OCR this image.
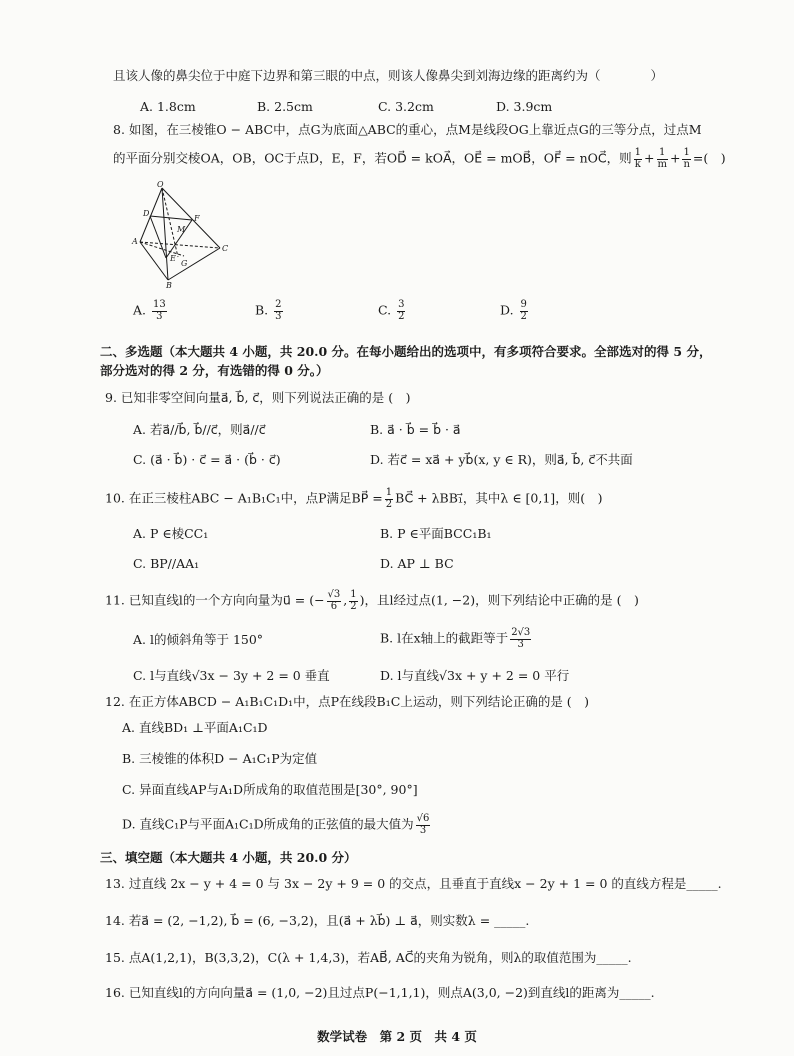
且该人像的鼻尖位于中庭下边界和第三眼的中点，则该人像鼻尖到刘海边缘的距离约为（　　　　）
A. 1.8cm	B. 2.5cm	C. 3.2cm	D. 3.9cm
8. 如图，在三棱锥O − ABC中，点G为底面△ABC的重心，点M是线段OG上靠近点G的三等分点，过点M
的平面分别交棱OA，OB，OC于点D，E，F，若OD⃗ = kOA⃗，OE⃗ = mOB⃗，OF⃗ = nOC⃗，则 $\frac{1}{k} + \frac{1}{m} + \frac{1}{n}$ =(　)
O
D
F
M
A
C
E
G
B
A. $\frac{13}{3}$	B. $\frac{2}{3}$	C. $\frac{3}{2}$	D. $\frac{9}{2}$
二、多选题（本大题共 4 小题，共 20.0 分。在每小题给出的选项中，有多项符合要求。全部选对的得 5 分，
部分选对的得 2 分，有选错的得 0 分。）
9. 已知非零空间向量a⃗, b⃗, c⃗，则下列说法正确的是 (　)
A. 若a⃗//b⃗, b⃗//c⃗，则a⃗//c⃗	B. a⃗ · b⃗ = b⃗ · a⃗
C. (a⃗ · b⃗) · c⃗ = a⃗ · (b⃗ · c⃗)	D. 若c⃗ = xa⃗ + yb⃗(x, y ∈ R)，则a⃗, b⃗, c⃗不共面
10. 在正三棱柱ABC − A₁B₁C₁中，点P满足BP⃗ = $\frac{1}{2}$ BC⃗ + λBB₁⃗，其中λ ∈ [0,1]，则(　)
A. P ∈棱CC₁	B. P ∈平面BCC₁B₁
C. BP//AA₁	D. AP ⊥ BC
11. 已知直线l的一个方向向量为u⃗ = (− $\frac{√3}{6}$ , $\frac{1}{2}$ )，且l经过点(1, −2)，则下列结论中正确的是 (　)
A. l的倾斜角等于 150°	B. l在x轴上的截距等于 $\frac{2√3}{3}$
C. l与直线√3x − 3y + 2 = 0 垂直	D. l与直线√3x + y + 2 = 0 平行
12. 在正方体ABCD − A₁B₁C₁D₁中，点P在线段B₁C上运动，则下列结论正确的是 (　)
A. 直线BD₁ ⊥平面A₁C₁D
B. 三棱锥的体积D − A₁C₁P为定值
C. 异面直线AP与A₁D所成角的取值范围是[30°, 90°]
D. 直线C₁P与平面A₁C₁D所成角的正弦值的最大值为 $\frac{√6}{3}$
三、填空题（本大题共 4 小题，共 20.0 分）
13. 过直线 2x − y + 4 = 0 与 3x − 2y + 9 = 0 的交点，且垂直于直线x − 2y + 1 = 0 的直线方程是_____.
14. 若a⃗ = (2, −1,2), b⃗ = (6, −3,2)，且(a⃗ + λb⃗) ⊥ a⃗，则实数λ = _____.
15. 点A(1,2,1)，B(3,3,2)，C(λ + 1,4,3)，若AB⃗, AC⃗的夹角为锐角，则λ的取值范围为_____.
16. 已知直线l的方向向量a⃗ = (1,0, −2)且过点P(−1,1,1)，则点A(3,0, −2)到直线l的距离为_____.
数学试卷　第 2 页　共 4 页
